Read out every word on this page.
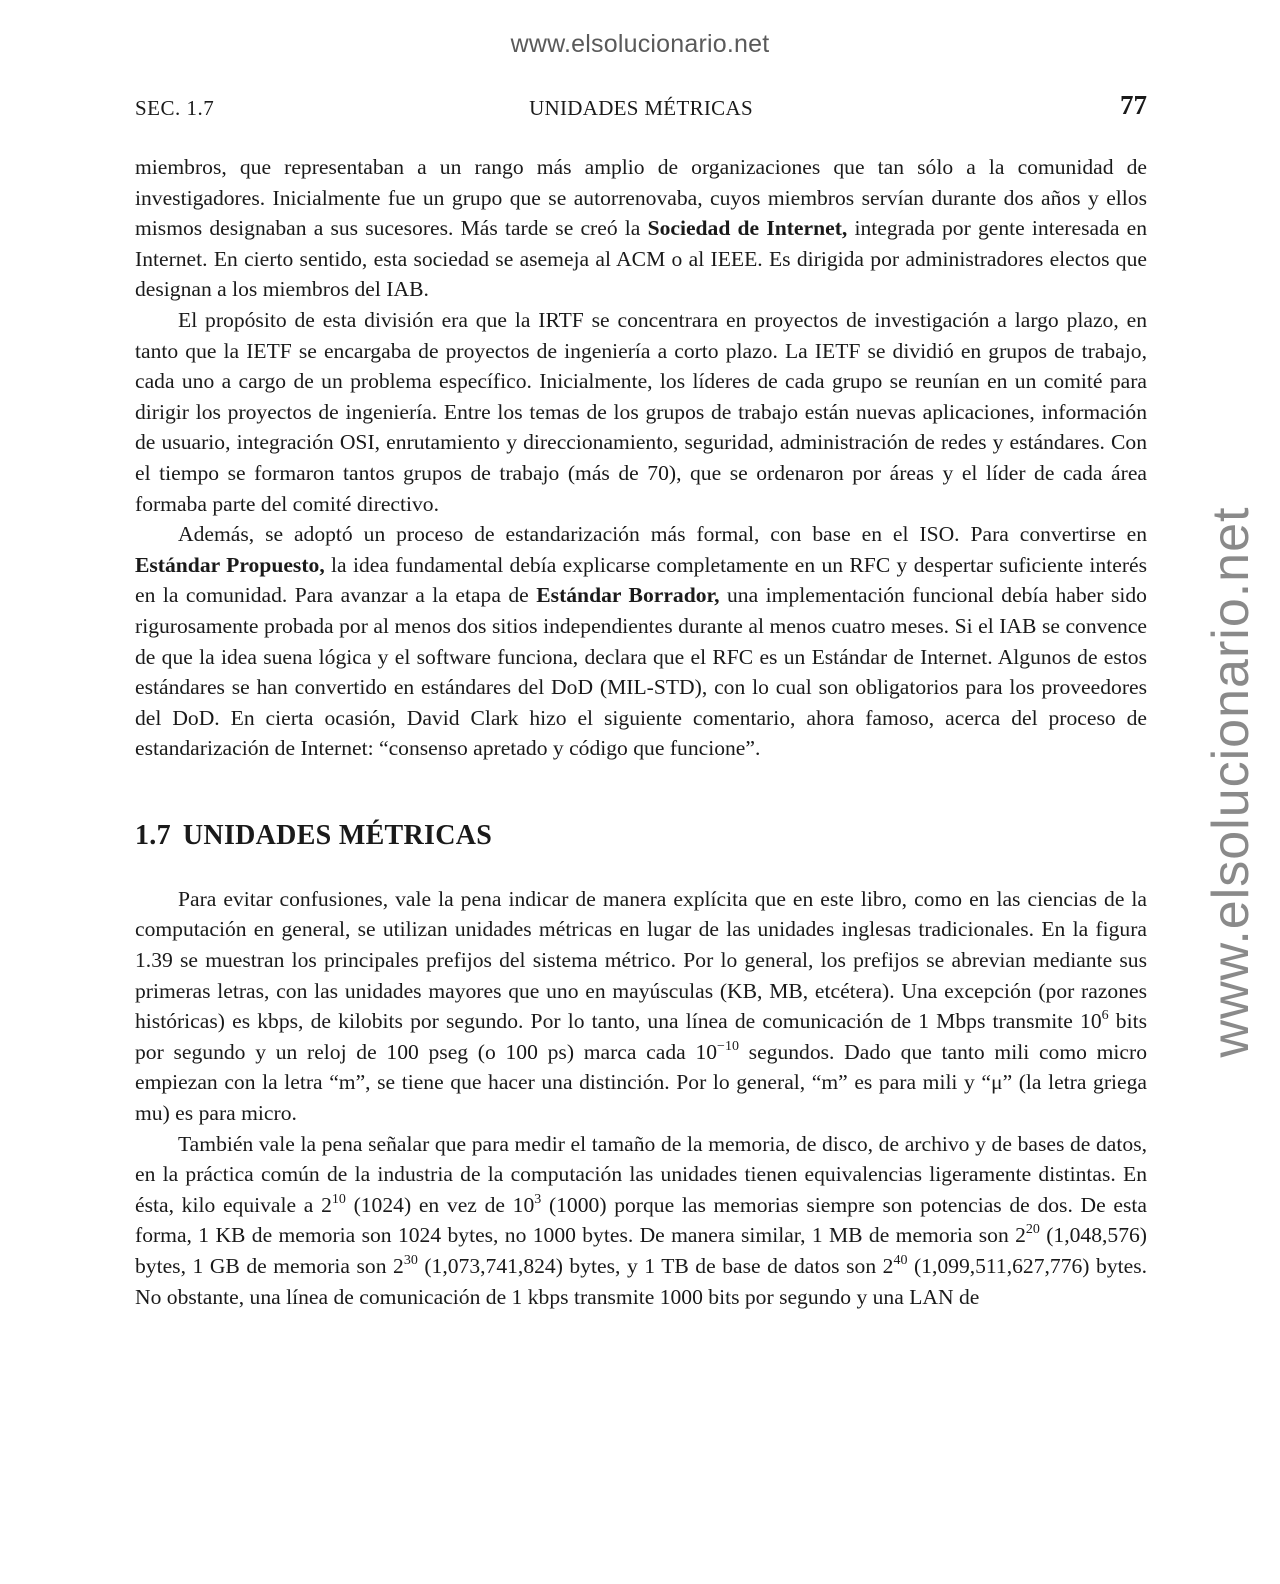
www.elsolucionario.net
www.elsolucionario.net
SEC. 1.7	UNIDADES MÉTRICAS	77

miembros, que representaban a un rango más amplio de organizaciones que tan sólo a la comunidad de investigadores. Inicialmente fue un grupo que se autorrenovaba, cuyos miembros servían durante dos años y ellos mismos designaban a sus sucesores. Más tarde se creó la Sociedad de Internet, integrada por gente interesada en Internet. En cierto sentido, esta sociedad se asemeja al ACM o al IEEE. Es dirigida por administradores electos que designan a los miembros del IAB.

El propósito de esta división era que la IRTF se concentrara en proyectos de investigación a largo plazo, en tanto que la IETF se encargaba de proyectos de ingeniería a corto plazo. La IETF se dividió en grupos de trabajo, cada uno a cargo de un problema específico. Inicialmente, los líderes de cada grupo se reunían en un comité para dirigir los proyectos de ingeniería. Entre los temas de los grupos de trabajo están nuevas aplicaciones, información de usuario, integración OSI, enrutamiento y direccionamiento, seguridad, administración de redes y estándares. Con el tiempo se formaron tantos grupos de trabajo (más de 70), que se ordenaron por áreas y el líder de cada área formaba parte del comité directivo.

Además, se adoptó un proceso de estandarización más formal, con base en el ISO. Para convertirse en Estándar Propuesto, la idea fundamental debía explicarse completamente en un RFC y despertar suficiente interés en la comunidad. Para avanzar a la etapa de Estándar Borrador, una implementación funcional debía haber sido rigurosamente probada por al menos dos sitios independientes durante al menos cuatro meses. Si el IAB se convence de que la idea suena lógica y el software funciona, declara que el RFC es un Estándar de Internet. Algunos de estos estándares se han convertido en estándares del DoD (MIL-STD), con lo cual son obligatorios para los proveedores del DoD. En cierta ocasión, David Clark hizo el siguiente comentario, ahora famoso, acerca del proceso de estandarización de Internet: “consenso apretado y código que funcione”.

1.7 UNIDADES MÉTRICAS

Para evitar confusiones, vale la pena indicar de manera explícita que en este libro, como en las ciencias de la computación en general, se utilizan unidades métricas en lugar de las unidades inglesas tradicionales. En la figura 1.39 se muestran los principales prefijos del sistema métrico. Por lo general, los prefijos se abrevian mediante sus primeras letras, con las unidades mayores que uno en mayúsculas (KB, MB, etcétera). Una excepción (por razones históricas) es kbps, de kilobits por segundo. Por lo tanto, una línea de comunicación de 1 Mbps transmite $10^6$ bits por segundo y un reloj de 100 pseg (o 100 ps) marca cada $10^{-10}$ segundos. Dado que tanto mili como micro empiezan con la letra “m”, se tiene que hacer una distinción. Por lo general, “m” es para mili y “μ” (la letra griega mu) es para micro.

También vale la pena señalar que para medir el tamaño de la memoria, de disco, de archivo y de bases de datos, en la práctica común de la industria de la computación las unidades tienen equivalencias ligeramente distintas. En ésta, kilo equivale a $2^{10}$ (1024) en vez de $10^3$ (1000) porque las memorias siempre son potencias de dos. De esta forma, 1 KB de memoria son 1024 bytes, no 1000 bytes. De manera similar, 1 MB de memoria son $2^{20}$ (1,048,576) bytes, 1 GB de memoria son $2^{30}$ (1,073,741,824) bytes, y 1 TB de base de datos son $2^{40}$ (1,099,511,627,776) bytes. No obstante, una línea de comunicación de 1 kbps transmite 1000 bits por segundo y una LAN de
